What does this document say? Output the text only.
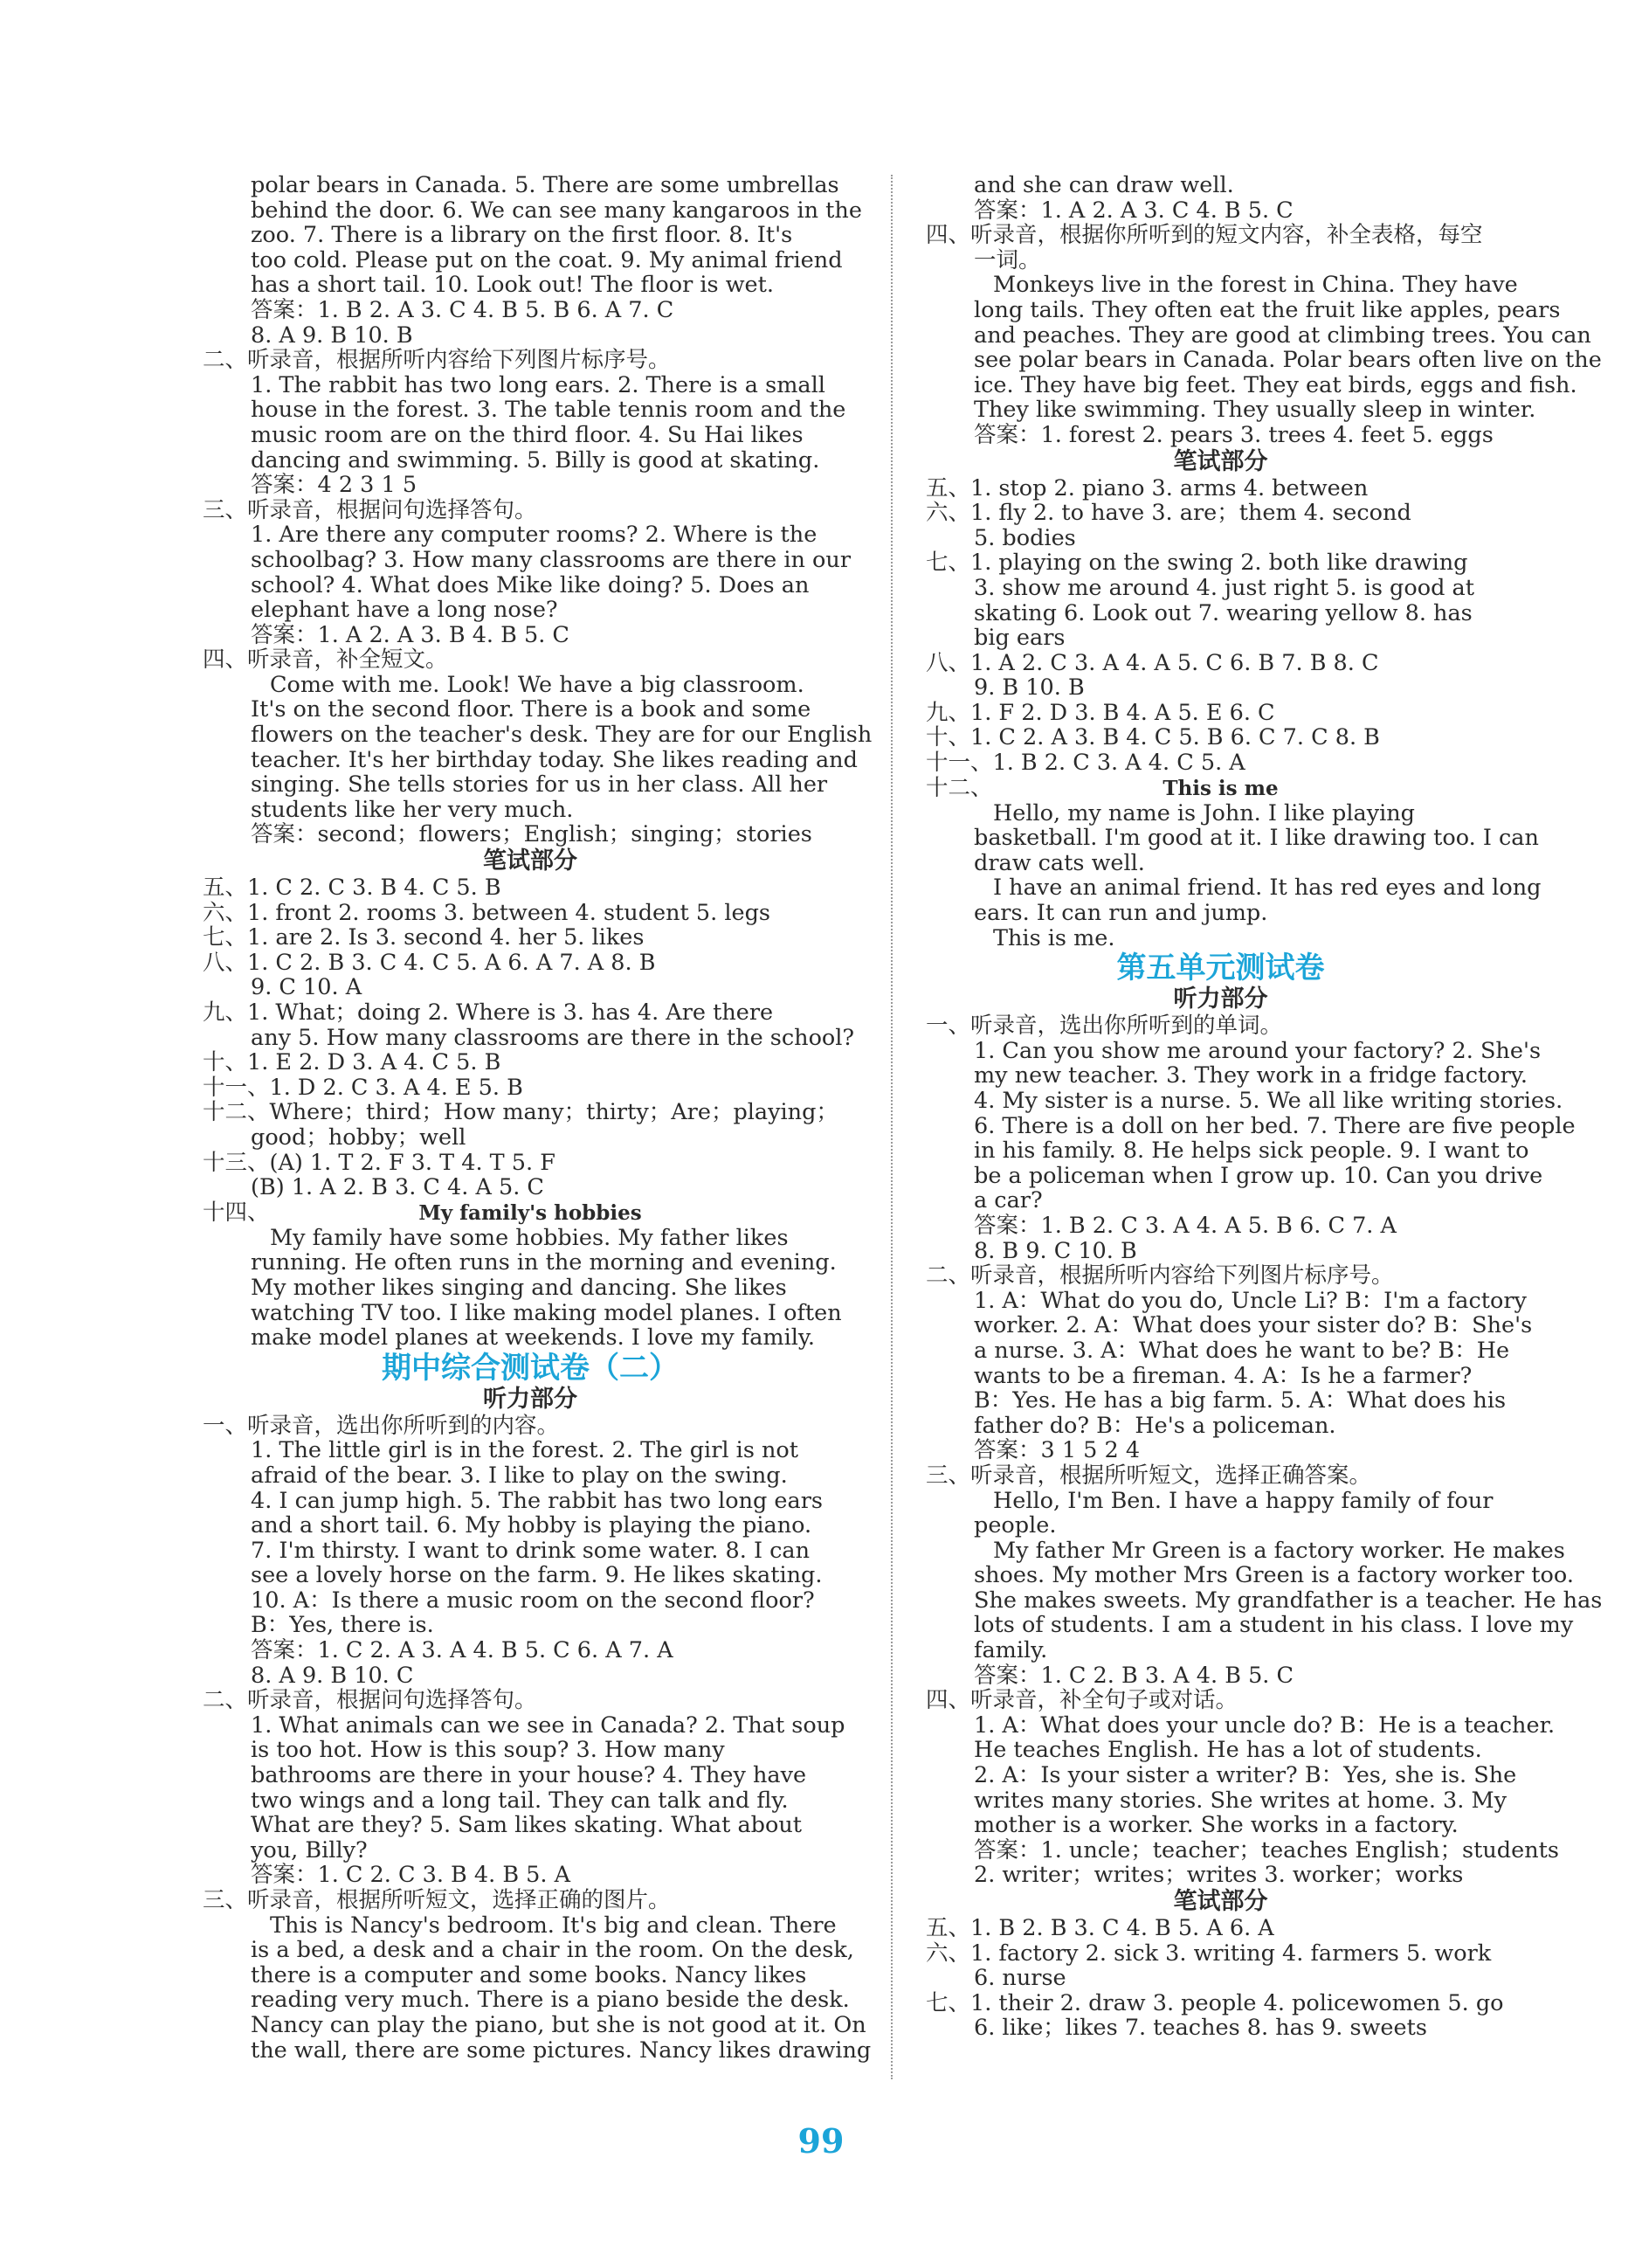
polar bears in Canada. 5. There are some umbrellas
behind the door. 6. We can see many kangaroos in the
zoo. 7. There is a library on the first floor. 8. It's
too cold. Please put on the coat. 9. My animal friend
has a short tail. 10. Look out! The floor is wet.
答案：1. B 2. A 3. C 4. B 5. B 6. A 7. C
8. A 9. B 10. B
二、听录音，根据所听内容给下列图片标序号。
1. The rabbit has two long ears. 2. There is a small
house in the forest. 3. The table tennis room and the
music room are on the third floor. 4. Su Hai likes
dancing and swimming. 5. Billy is good at skating.
答案：4 2 3 1 5
三、听录音，根据问句选择答句。
1. Are there any computer rooms? 2. Where is the
schoolbag? 3. How many classrooms are there in our
school? 4. What does Mike like doing? 5. Does an
elephant have a long nose?
答案：1. A 2. A 3. B 4. B 5. C
四、听录音，补全短文。
Come with me. Look! We have a big classroom.
It's on the second floor. There is a book and some
flowers on the teacher's desk. They are for our English
teacher. It's her birthday today. She likes reading and
singing. She tells stories for us in her class. All her
students like her very much.
答案：second；flowers；English；singing；stories
笔试部分
五、1. C 2. C 3. B 4. C 5. B
六、1. front 2. rooms 3. between 4. student 5. legs
七、1. are 2. Is 3. second 4. her 5. likes
八、1. C 2. B 3. C 4. C 5. A 6. A 7. A 8. B
9. C 10. A
九、1. What；doing 2. Where is 3. has 4. Are there
any 5. How many classrooms are there in the school?
十、1. E 2. D 3. A 4. C 5. B
十一、1. D 2. C 3. A 4. E 5. B
十二、Where；third；How many；thirty；Are；playing；
good；hobby；well
十三、(A) 1. T 2. F 3. T 4. T 5. F
(B) 1. A 2. B 3. C 4. A 5. C
十四、	My family's hobbies
My family have some hobbies. My father likes
running. He often runs in the morning and evening.
My mother likes singing and dancing. She likes
watching TV too. I like making model planes. I often
make model planes at weekends. I love my family.
期中综合测试卷（二）
听力部分
一、听录音，选出你所听到的内容。
1. The little girl is in the forest. 2. The girl is not
afraid of the bear. 3. I like to play on the swing.
4. I can jump high. 5. The rabbit has two long ears
and a short tail. 6. My hobby is playing the piano.
7. I'm thirsty. I want to drink some water. 8. I can
see a lovely horse on the farm. 9. He likes skating.
10. A：Is there a music room on the second floor?
B：Yes, there is.
答案：1. C 2. A 3. A 4. B 5. C 6. A 7. A
8. A 9. B 10. C
二、听录音，根据问句选择答句。
1. What animals can we see in Canada? 2. That soup
is too hot. How is this soup? 3. How many
bathrooms are there in your house? 4. They have
two wings and a long tail. They can talk and fly.
What are they? 5. Sam likes skating. What about
you, Billy?
答案：1. C 2. C 3. B 4. B 5. A
三、听录音，根据所听短文，选择正确的图片。
This is Nancy's bedroom. It's big and clean. There
is a bed, a desk and a chair in the room. On the desk,
there is a computer and some books. Nancy likes
reading very much. There is a piano beside the desk.
Nancy can play the piano, but she is not good at it. On
the wall, there are some pictures. Nancy likes drawing
and she can draw well.
答案：1. A 2. A 3. C 4. B 5. C
四、听录音，根据你所听到的短文内容，补全表格，每空
一词。
Monkeys live in the forest in China. They have
long tails. They often eat the fruit like apples, pears
and peaches. They are good at climbing trees. You can
see polar bears in Canada. Polar bears often live on the
ice. They have big feet. They eat birds, eggs and fish.
They like swimming. They usually sleep in winter.
答案：1. forest 2. pears 3. trees 4. feet 5. eggs
笔试部分
五、1. stop 2. piano 3. arms 4. between
六、1. fly 2. to have 3. are；them 4. second
5. bodies
七、1. playing on the swing 2. both like drawing
3. show me around 4. just right 5. is good at
skating 6. Look out 7. wearing yellow 8. has
big ears
八、1. A 2. C 3. A 4. A 5. C 6. B 7. B 8. C
9. B 10. B
九、1. F 2. D 3. B 4. A 5. E 6. C
十、1. C 2. A 3. B 4. C 5. B 6. C 7. C 8. B
十一、1. B 2. C 3. A 4. C 5. A
十二、	This is me
Hello, my name is John. I like playing
basketball. I'm good at it. I like drawing too. I can
draw cats well.
I have an animal friend. It has red eyes and long
ears. It can run and jump.
This is me.
第五单元测试卷
听力部分
一、听录音，选出你所听到的单词。
1. Can you show me around your factory? 2. She's
my new teacher. 3. They work in a fridge factory.
4. My sister is a nurse. 5. We all like writing stories.
6. There is a doll on her bed. 7. There are five people
in his family. 8. He helps sick people. 9. I want to
be a policeman when I grow up. 10. Can you drive
a car?
答案：1. B 2. C 3. A 4. A 5. B 6. C 7. A
8. B 9. C 10. B
二、听录音，根据所听内容给下列图片标序号。
1. A：What do you do, Uncle Li? B：I'm a factory
worker. 2. A：What does your sister do? B：She's
a nurse. 3. A：What does he want to be? B：He
wants to be a fireman. 4. A：Is he a farmer?
B：Yes. He has a big farm. 5. A：What does his
father do? B：He's a policeman.
答案：3 1 5 2 4
三、听录音，根据所听短文，选择正确答案。
Hello, I'm Ben. I have a happy family of four
people.
My father Mr Green is a factory worker. He makes
shoes. My mother Mrs Green is a factory worker too.
She makes sweets. My grandfather is a teacher. He has
lots of students. I am a student in his class. I love my
family.
答案：1. C 2. B 3. A 4. B 5. C
四、听录音，补全句子或对话。
1. A：What does your uncle do? B：He is a teacher.
He teaches English. He has a lot of students.
2. A：Is your sister a writer? B：Yes, she is. She
writes many stories. She writes at home. 3. My
mother is a worker. She works in a factory.
答案：1. uncle；teacher；teaches English；students
2. writer；writes；writes 3. worker；works
笔试部分
五、1. B 2. B 3. C 4. B 5. A 6. A
六、1. factory 2. sick 3. writing 4. farmers 5. work
6. nurse
七、1. their 2. draw 3. people 4. policewomen 5. go
6. like；likes 7. teaches 8. has 9. sweets
99
